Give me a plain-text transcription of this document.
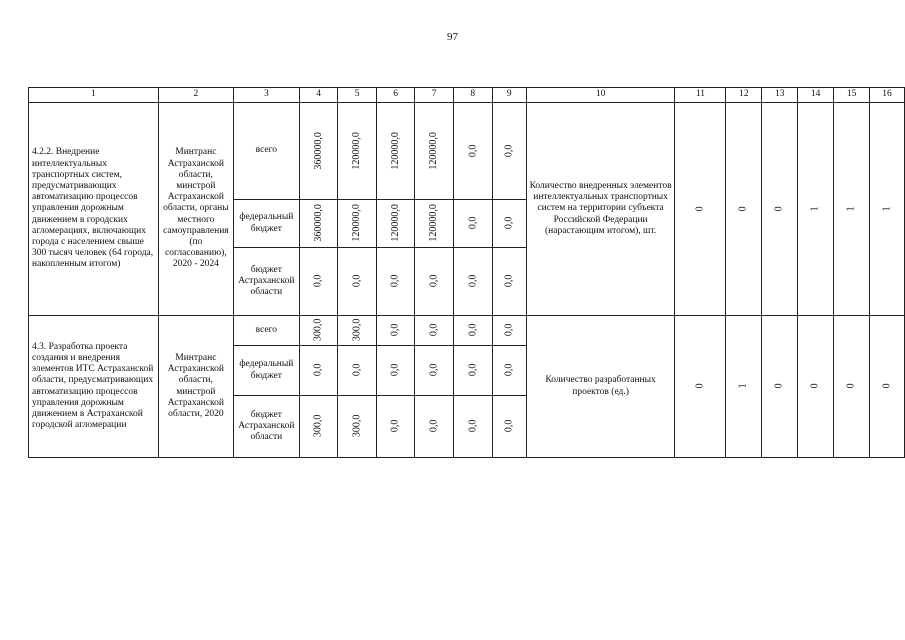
97
1	2	3	4	5	6	7	8	9	10	11	12	13	14	15	16
4.2.2. Внедрение интеллектуальных транспортных систем, предусматривающих автоматизацию процессов управления дорожным движением в городских агломерациях, включающих города с населением свыше 300 тысяч человек (64 города, накопленным итогом)	Минтранс Астраханской области, минстрой Астраханской области, органы местного самоуправления (по согласованию), 2020 - 2024	всего	360000,0	120000,0	120000,0	120000,0	0,0	0,0	Количество внедренных элементов интеллектуальных транспортных систем на территории субъекта Российской Федерации (нарастающим итогом), шт.	0	0	0	1	1	1
		федеральный бюджет	360000,0	120000,0	120000,0	120000,0	0,0	0,0							
		бюджет Астраханской области	0,0	0,0	0,0	0,0	0,0	0,0							
4.3. Разработка проекта создания и внедрения элементов ИТС Астраханской области, предусматривающих автоматизацию процессов управления дорожным движением в Астраханской городской агломерации	Минтранс Астраханской области, минстрой Астраханской области, 2020	всего	300,0	300,0	0,0	0,0	0,0	0,0	Количество разработанных проектов (ед.)	0	1	0	0	0	0
		федеральный бюджет	0,0	0,0	0,0	0,0	0,0	0,0							
		бюджет Астраханской области	300,0	300,0	0,0	0,0	0,0	0,0							
